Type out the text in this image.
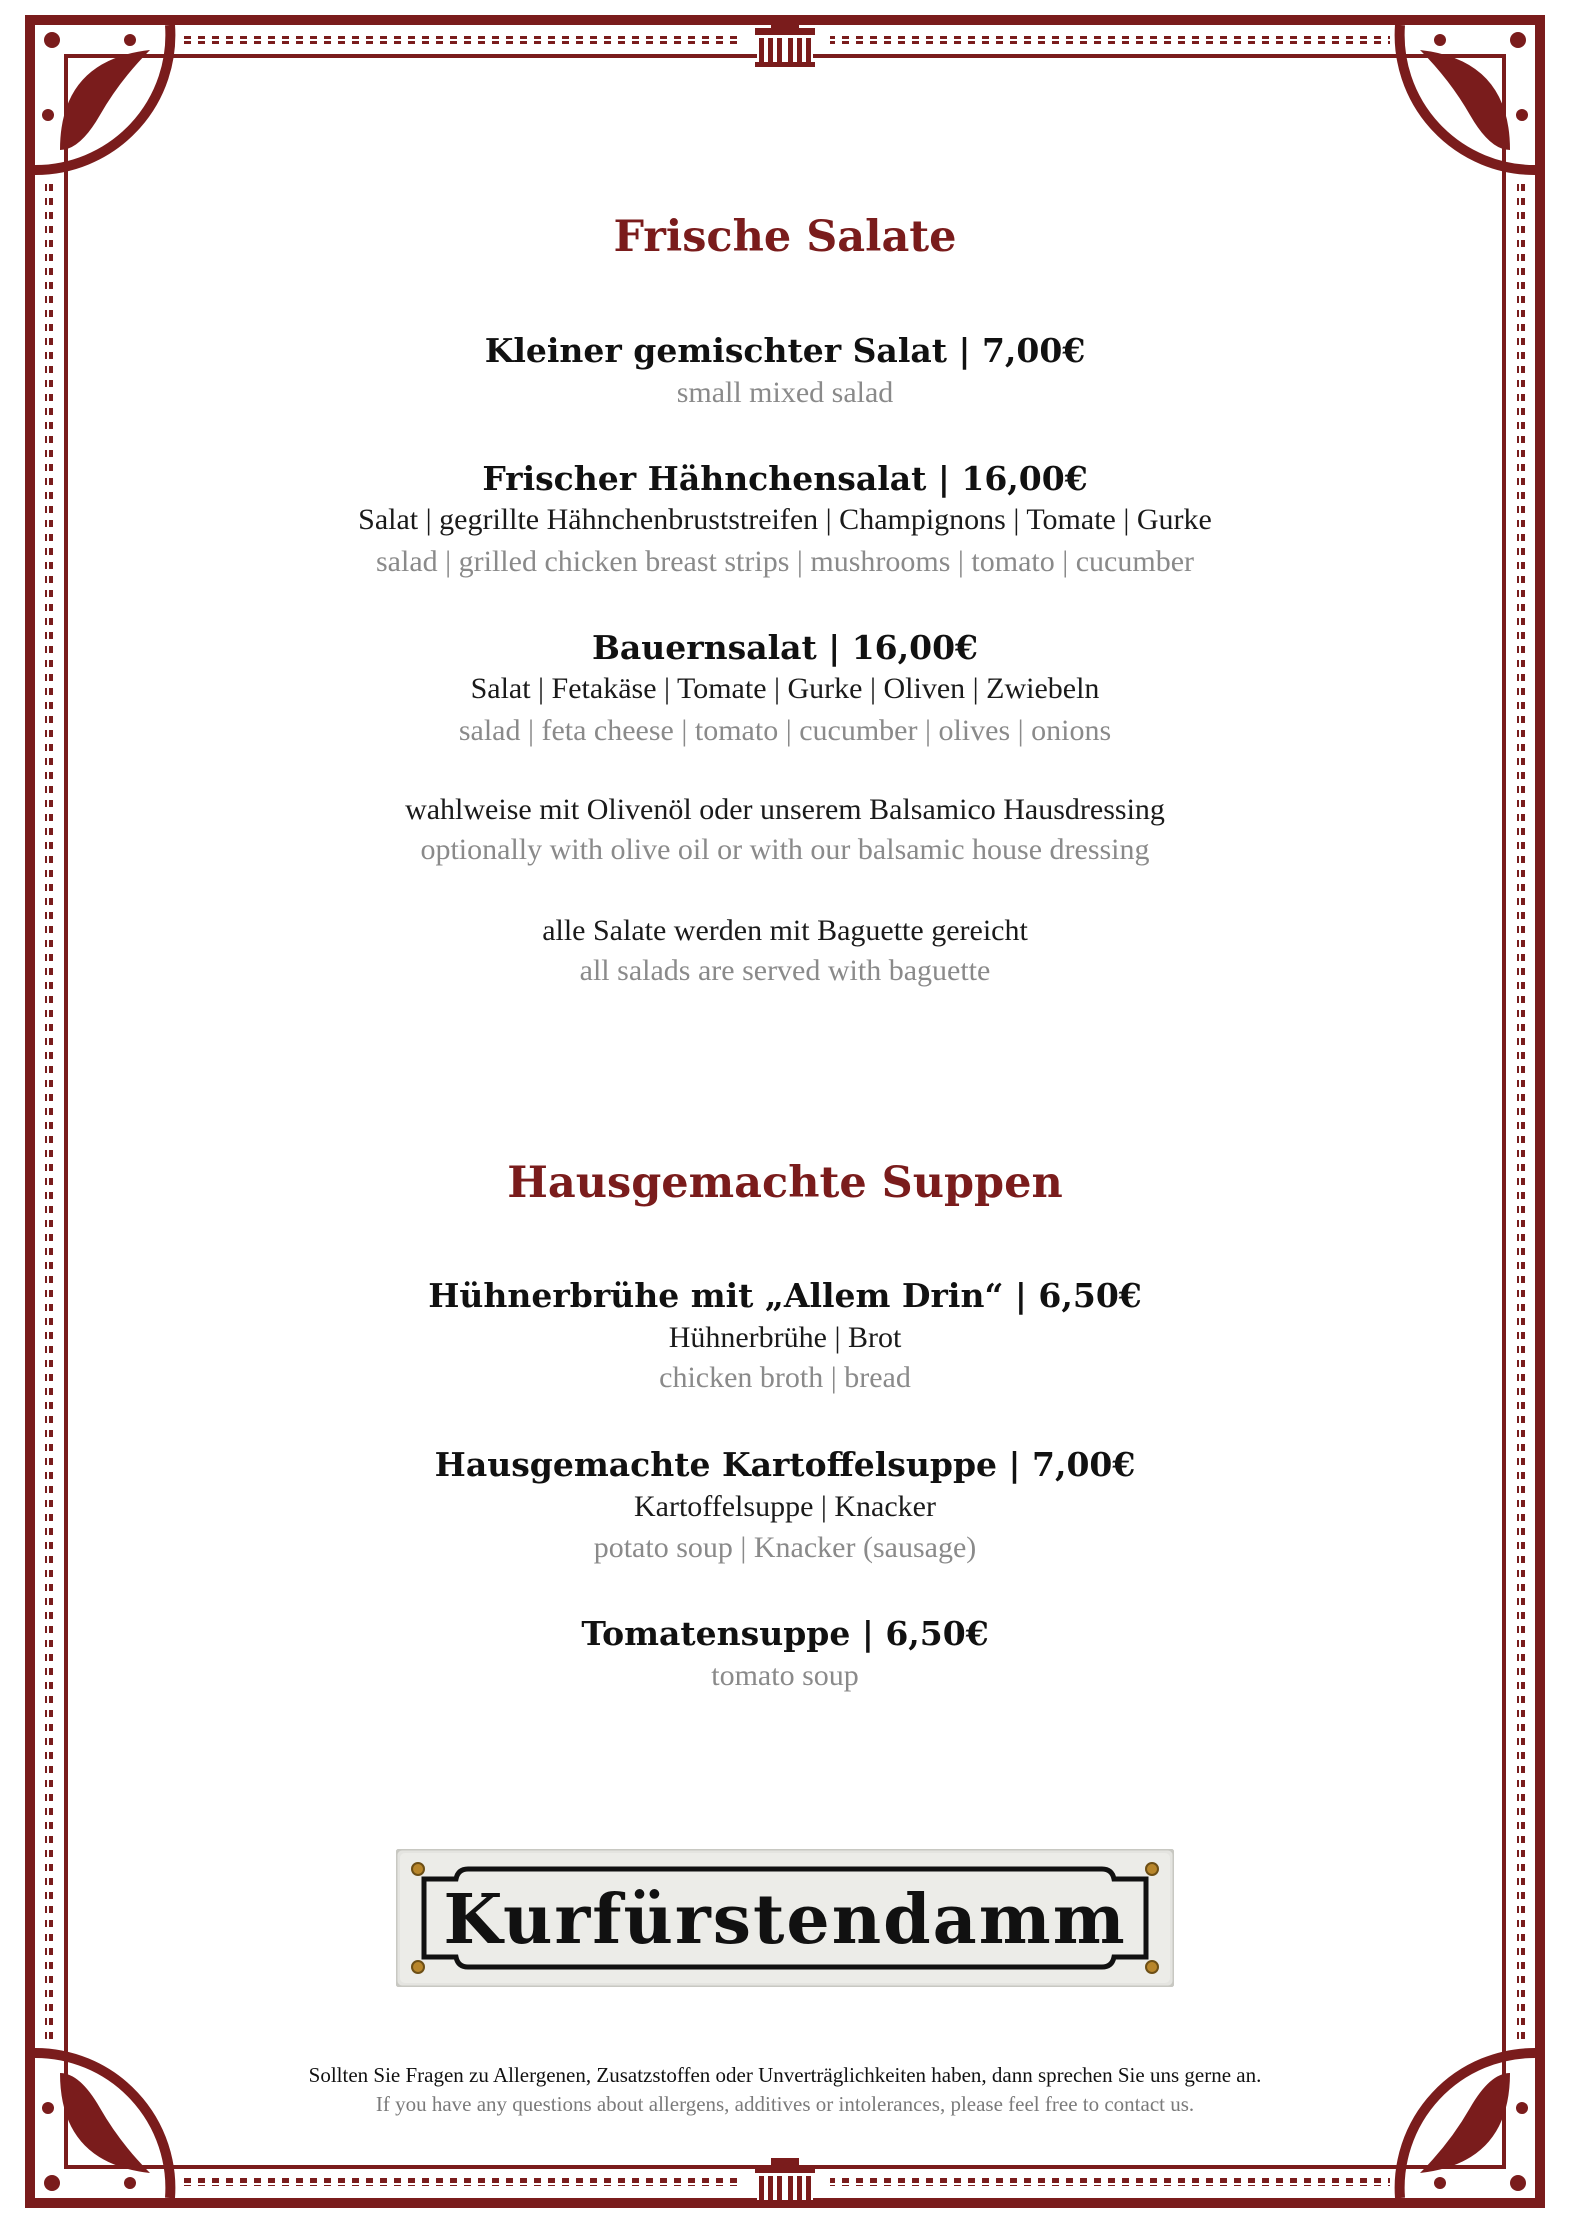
Frische Salate
Kleiner gemischter Salat | 7,00€
small mixed salad
Frischer Hähnchensalat | 16,00€
Salat | gegrillte Hähnchenbruststreifen | Champignons | Tomate | Gurke
salad | grilled chicken breast strips | mushrooms | tomato | cucumber
Bauernsalat | 16,00€
Salat | Fetakäse | Tomate | Gurke | Oliven | Zwiebeln
salad | feta cheese | tomato | cucumber | olives | onions
wahlweise mit Olivenöl oder unserem Balsamico Hausdressing
optionally with olive oil or with our balsamic house dressing
alle Salate werden mit Baguette gereicht
all salads are served with baguette
Hausgemachte Suppen
Hühnerbrühe mit „Allem Drin“ | 6,50€
Hühnerbrühe | Brot
chicken broth | bread
Hausgemachte Kartoffelsuppe | 7,00€
Kartoffelsuppe | Knacker
potato soup | Knacker (sausage)
Tomatensuppe | 6,50€
tomato soup
Kurfürstendamm
Sollten Sie Fragen zu Allergenen, Zusatzstoffen oder Unverträglichkeiten haben, dann sprechen Sie uns gerne an.
If you have any questions about allergens, additives or intolerances, please feel free to contact us.
